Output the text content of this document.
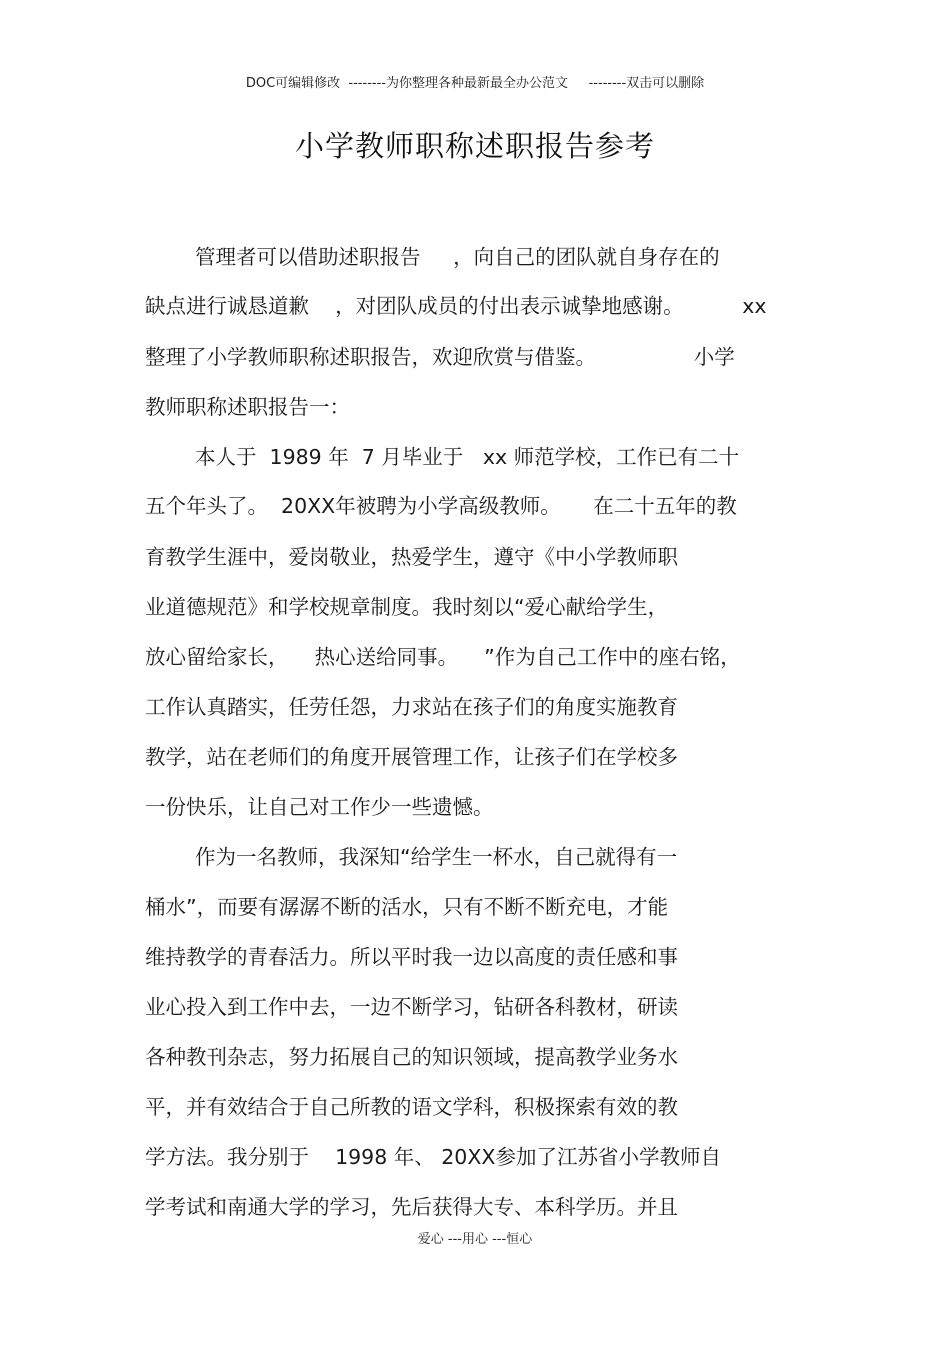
DOC可编辑修改  --------为你整理各种最新最全办公范文     --------双击可以删除
小学教师职称述职报告参考
管理者可以借助述职报告     ，向自己的团队就自身存在的
缺点进行诚恳道歉    ，对团队成员的付出表示诚挚地感谢。         xx
整理了小学教师职称述职报告，欢迎欣赏与借鉴。               小学
教师职称述职报告一：
本人于  1989 年  7 月毕业于   xx 师范学校，工作已有二十
五个年头了。  20XX年被聘为小学高级教师。     在二十五年的教
育教学生涯中，爱岗敬业，热爱学生，遵守《中小学教师职
业道德规范》和学校规章制度。我时刻以“爱心献给学生，
放心留给家长，    热心送给同事。    ”作为自己工作中的座右铭，
工作认真踏实，任劳任怨，力求站在孩子们的角度实施教育
教学，站在老师们的角度开展管理工作，让孩子们在学校多
一份快乐，让自己对工作少一些遗憾。
作为一名教师，我深知“给学生一杯水，自己就得有一
桶水”，而要有潺潺不断的活水，只有不断不断充电，才能
维持教学的青春活力。所以平时我一边以高度的责任感和事
业心投入到工作中去，一边不断学习，钻研各科教材，研读
各种教刊杂志，努力拓展自己的知识领域，提高教学业务水
平，并有效结合于自己所教的语文学科，积极探索有效的教
学方法。我分别于    1998 年、 20XX参加了江苏省小学教师自
学考试和南通大学的学习，先后获得大专、本科学历。并且
爱心 ---用心 ---恒心
